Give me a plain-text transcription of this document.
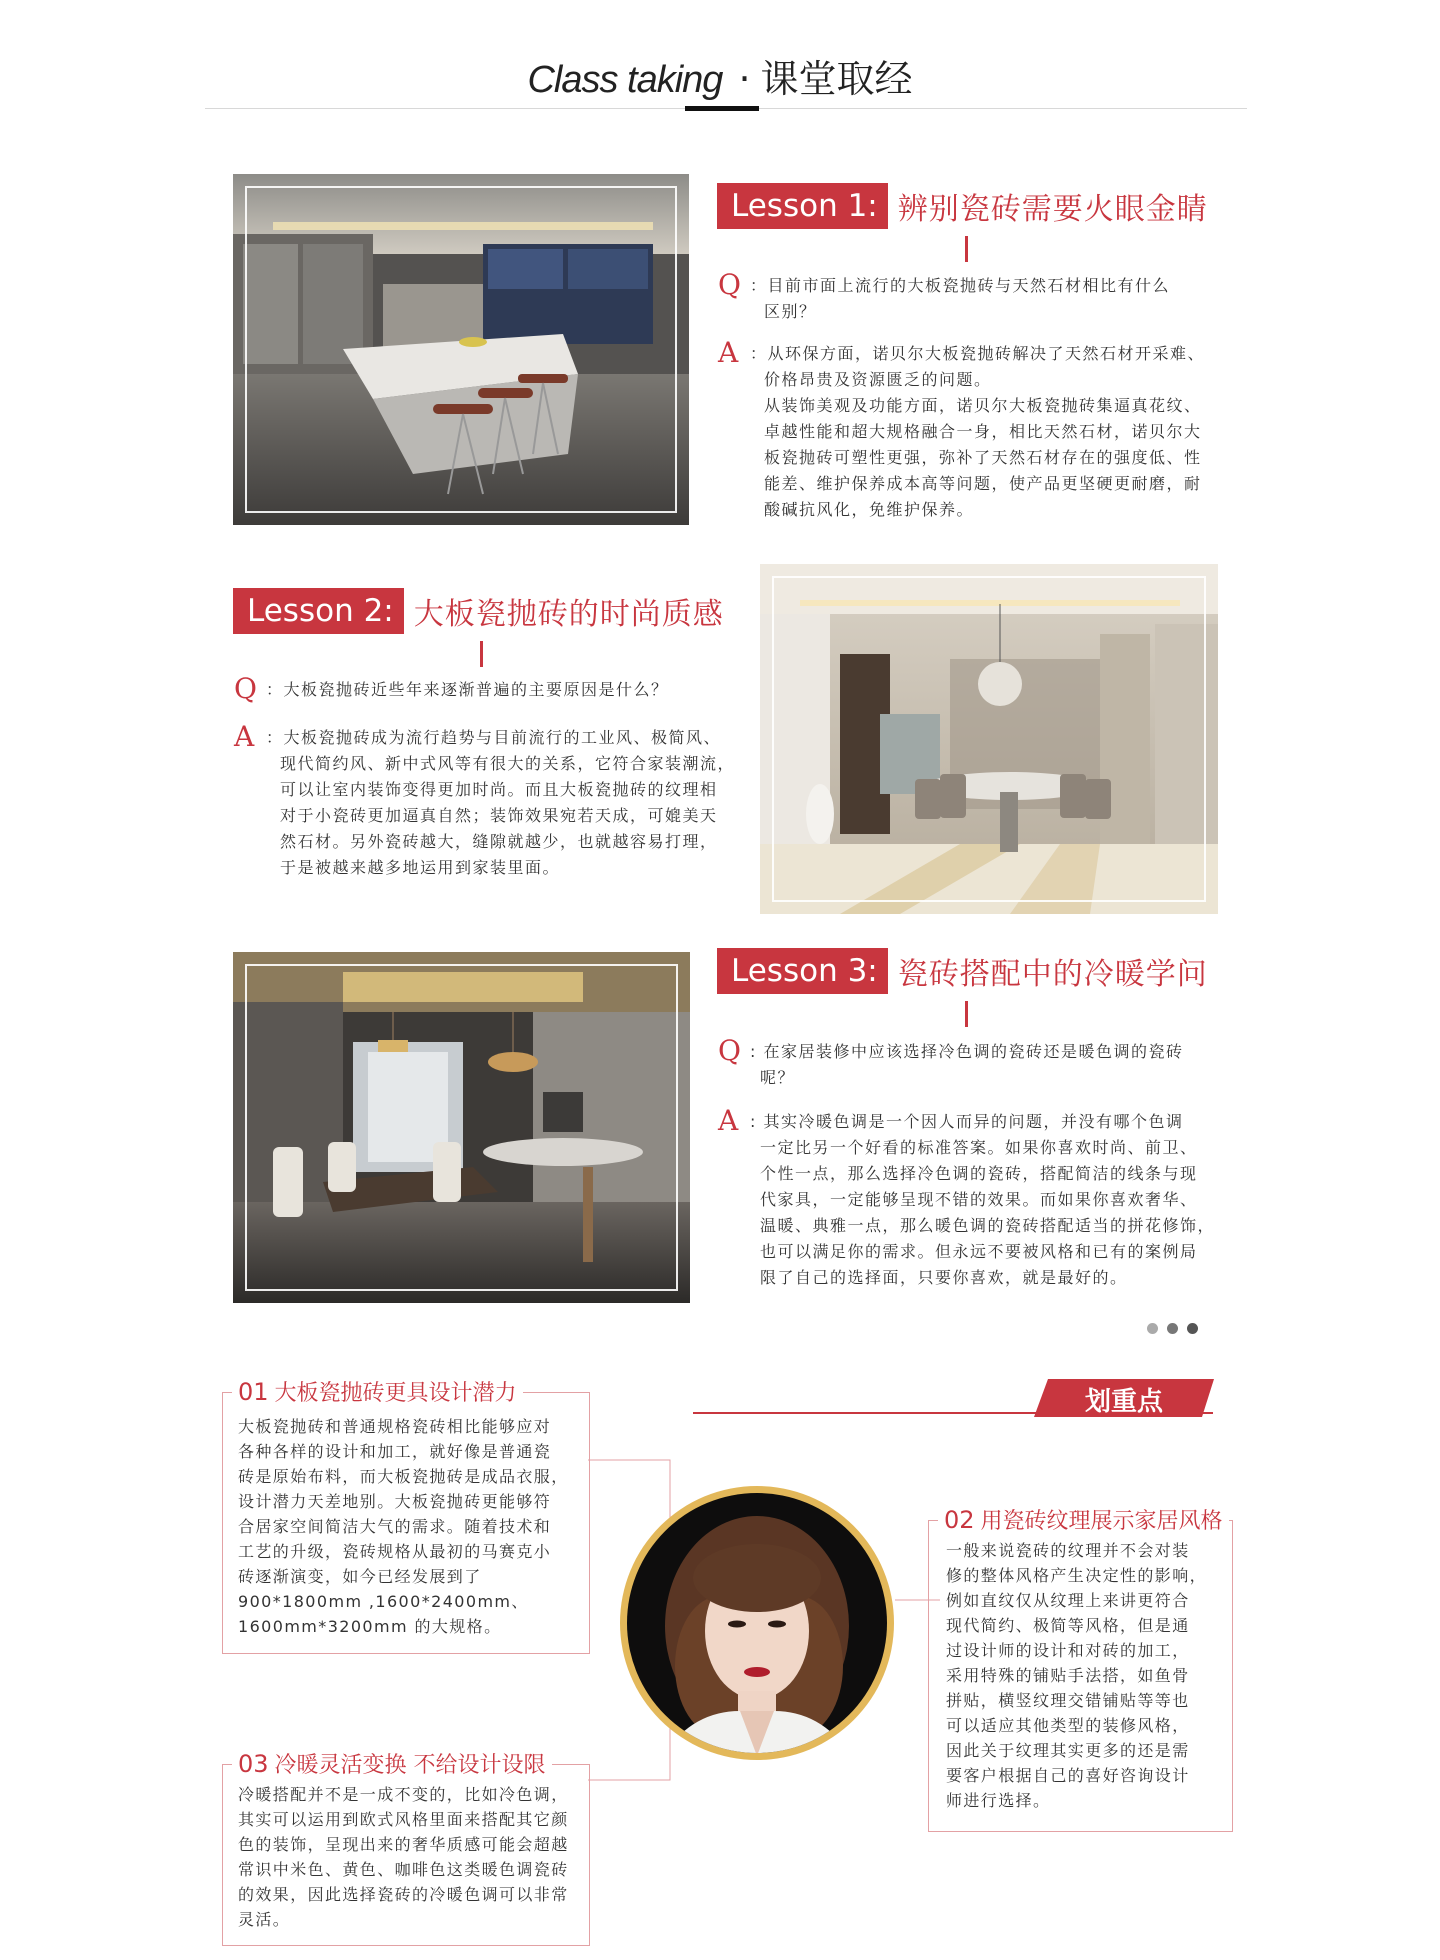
Class taking · 课堂取经
Lesson 1: 辨别瓷砖需要火眼金睛
Q ：目前市面上流行的大板瓷抛砖与天然石材相比有什么
区别？
A ：从环保方面，诺贝尔大板瓷抛砖解决了天然石材开采难、
价格昂贵及资源匮乏的问题。
从装饰美观及功能方面，诺贝尔大板瓷抛砖集逼真花纹、
卓越性能和超大规格融合一身，相比天然石材，诺贝尔大
板瓷抛砖可塑性更强，弥补了天然石材存在的强度低、性
能差、维护保养成本高等问题，使产品更坚硬更耐磨，耐
酸碱抗风化，免维护保养。
Lesson 2: 大板瓷抛砖的时尚质感
Q ：大板瓷抛砖近些年来逐渐普遍的主要原因是什么？
A ：大板瓷抛砖成为流行趋势与目前流行的工业风、极简风、
现代简约风、新中式风等有很大的关系，它符合家装潮流，
可以让室内装饰变得更加时尚。而且大板瓷抛砖的纹理相
对于小瓷砖更加逼真自然；装饰效果宛若天成，可媲美天
然石材。另外瓷砖越大，缝隙就越少，也就越容易打理，
于是被越来越多地运用到家装里面。
Lesson 3: 瓷砖搭配中的冷暖学问
Q : 在家居装修中应该选择冷色调的瓷砖还是暖色调的瓷砖
呢？
A : 其实冷暖色调是一个因人而异的问题，并没有哪个色调
一定比另一个好看的标准答案。如果你喜欢时尚、前卫、
个性一点，那么选择冷色调的瓷砖，搭配简洁的线条与现
代家具，一定能够呈现不错的效果。而如果你喜欢奢华、
温暖、典雅一点，那么暖色调的瓷砖搭配适当的拼花修饰，
也可以满足你的需求。但永远不要被风格和已有的案例局
限了自己的选择面，只要你喜欢，就是最好的。
划重点
01 大板瓷抛砖更具设计潜力
大板瓷抛砖和普通规格瓷砖相比能够应对
各种各样的设计和加工，就好像是普通瓷
砖是原始布料，而大板瓷抛砖是成品衣服，
设计潜力天差地别。大板瓷抛砖更能够符
合居家空间简洁大气的需求。随着技术和
工艺的升级，瓷砖规格从最初的马赛克小
砖逐渐演变，如今已经发展到了
900*1800mm ,1600*2400mm、
1600mm*3200mm 的大规格。
02 用瓷砖纹理展示家居风格
一般来说瓷砖的纹理并不会对装
修的整体风格产生决定性的影响，
例如直纹仅从纹理上来讲更符合
现代简约、极简等风格，但是通
过设计师的设计和对砖的加工，
采用特殊的铺贴手法搭，如鱼骨
拼贴，横竖纹理交错铺贴等等也
可以适应其他类型的装修风格，
因此关于纹理其实更多的还是需
要客户根据自己的喜好咨询设计
师进行选择。
03 冷暖灵活变换 不给设计设限
冷暖搭配并不是一成不变的，比如冷色调，
其实可以运用到欧式风格里面来搭配其它颜
色的装饰，呈现出来的奢华质感可能会超越
常识中米色、黄色、咖啡色这类暖色调瓷砖
的效果，因此选择瓷砖的冷暖色调可以非常
灵活。
